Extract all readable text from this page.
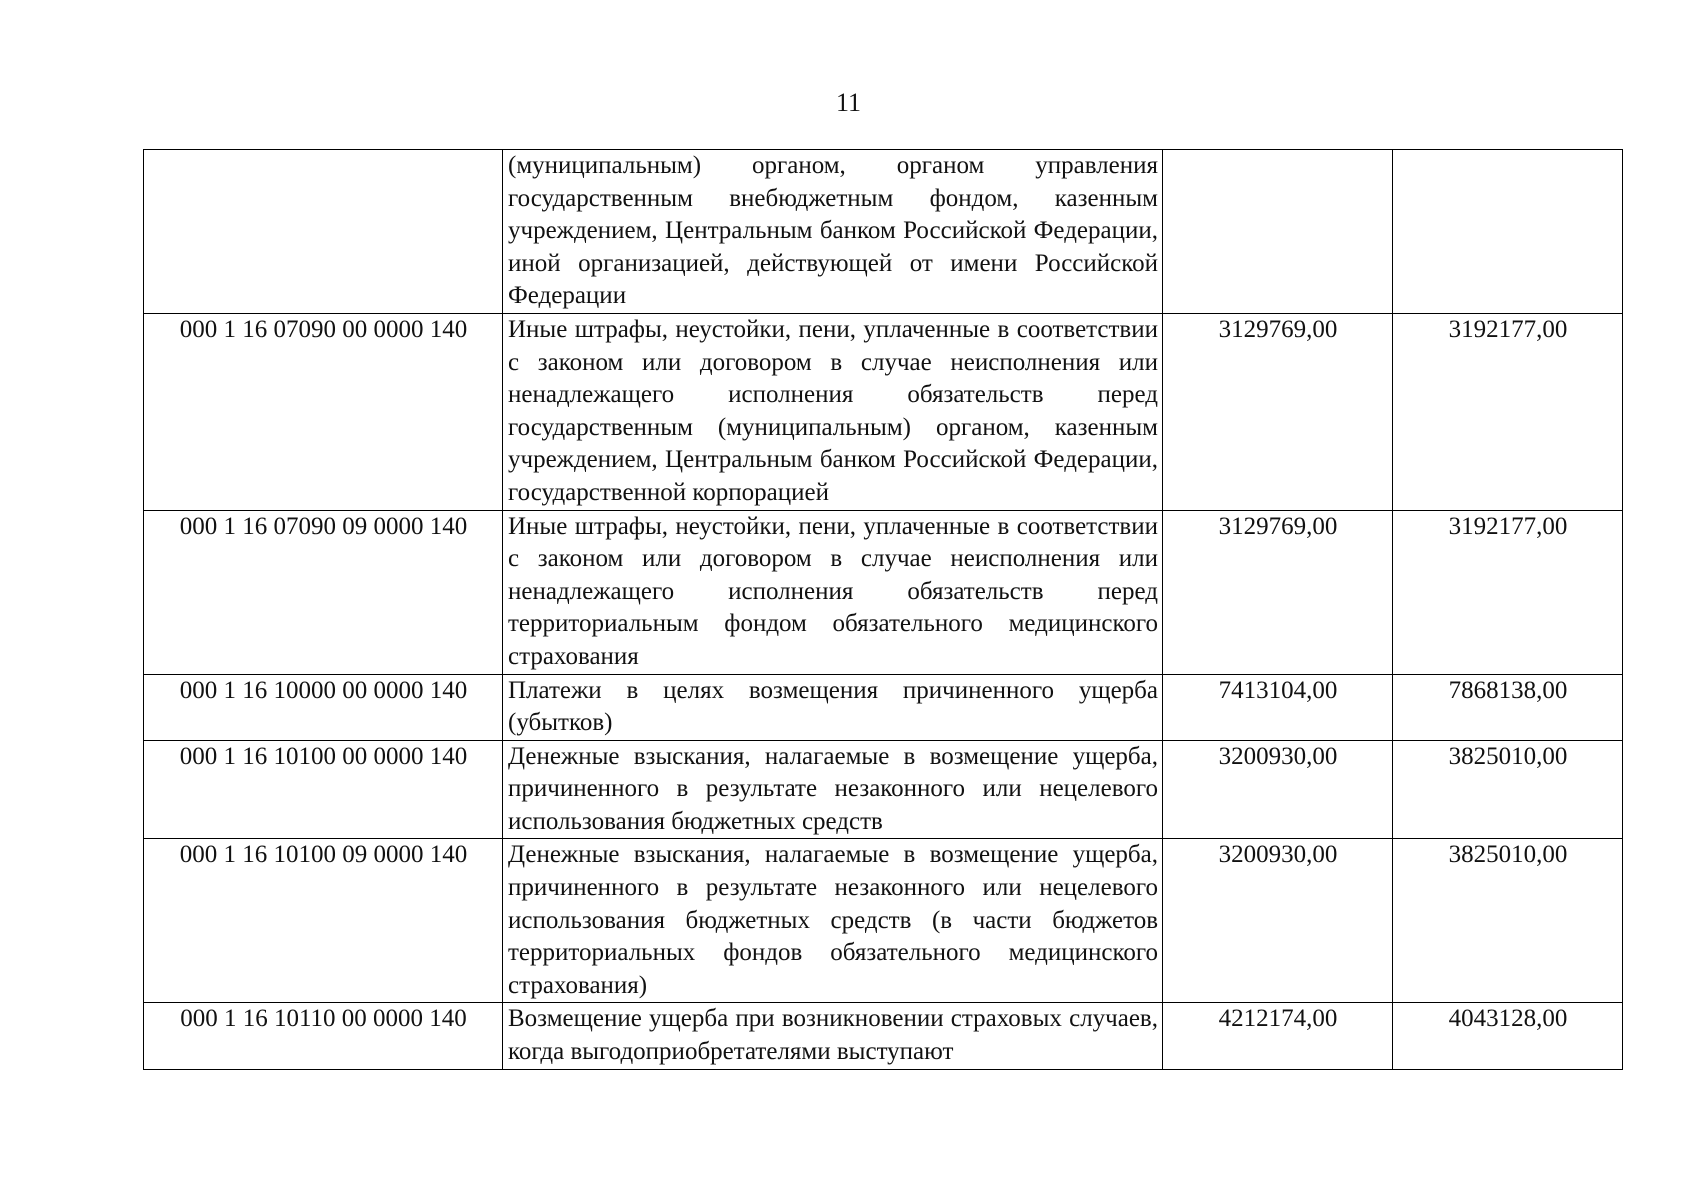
11
	(муниципальным) органом, органом управления государственным внебюджетным фондом, казенным учреждением, Центральным банком Российской Федерации, иной организацией, действующей от имени Российской Федерации		
000 1 16 07090 00 0000 140	Иные штрафы, неустойки, пени, уплаченные в соответствии с законом или договором в случае неисполнения или ненадлежащего исполнения обязательств перед государственным (муниципальным) органом, казенным учреждением, Центральным банком Российской Федерации, государственной корпорацией	3129769,00	3192177,00
000 1 16 07090 09 0000 140	Иные штрафы, неустойки, пени, уплаченные в соответствии с законом или договором в случае неисполнения или ненадлежащего исполнения обязательств перед территориальным фондом обязательного медицинского страхования	3129769,00	3192177,00
000 1 16 10000 00 0000 140	Платежи в целях возмещения причиненного ущерба (убытков)	7413104,00	7868138,00
000 1 16 10100 00 0000 140	Денежные взыскания, налагаемые в возмещение ущерба, причиненного в результате незаконного или нецелевого использования бюджетных средств	3200930,00	3825010,00
000 1 16 10100 09 0000 140	Денежные взыскания, налагаемые в возмещение ущерба, причиненного в результате незаконного или нецелевого использования бюджетных средств (в части бюджетов территориальных фондов обязательного медицинского страхования)	3200930,00	3825010,00
000 1 16 10110 00 0000 140	Возмещение ущерба при возникновении страховых случаев, когда выгодоприобретателями выступают	4212174,00	4043128,00
